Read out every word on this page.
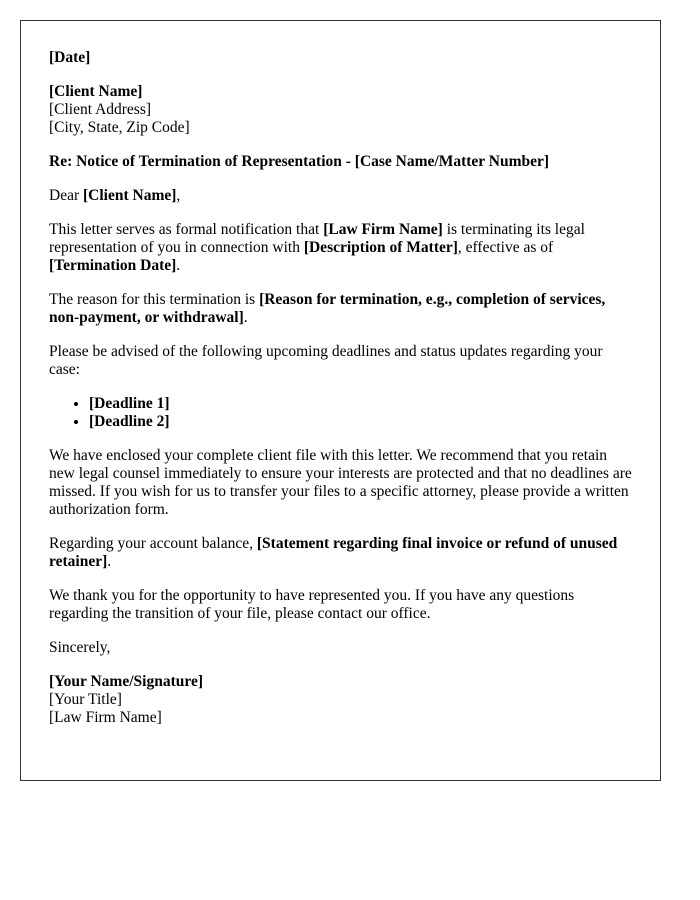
[Date]

[Client Name]
[Client Address]
[City, State, Zip Code]

Re: Notice of Termination of Representation - [Case Name/Matter Number]

Dear [Client Name],

This letter serves as formal notification that [Law Firm Name] is terminating its legal representation of you in connection with [Description of Matter], effective as of [Termination Date].

The reason for this termination is [Reason for termination, e.g., completion of services, non-payment, or withdrawal].

Please be advised of the following upcoming deadlines and status updates regarding your case:

• [Deadline 1]
• [Deadline 2]

We have enclosed your complete client file with this letter. We recommend that you retain new legal counsel immediately to ensure your interests are protected and that no deadlines are missed. If you wish for us to transfer your files to a specific attorney, please provide a written authorization form.

Regarding your account balance, [Statement regarding final invoice or refund of unused retainer].

We thank you for the opportunity to have represented you. If you have any questions regarding the transition of your file, please contact our office.

Sincerely,

[Your Name/Signature]
[Your Title]
[Law Firm Name]
